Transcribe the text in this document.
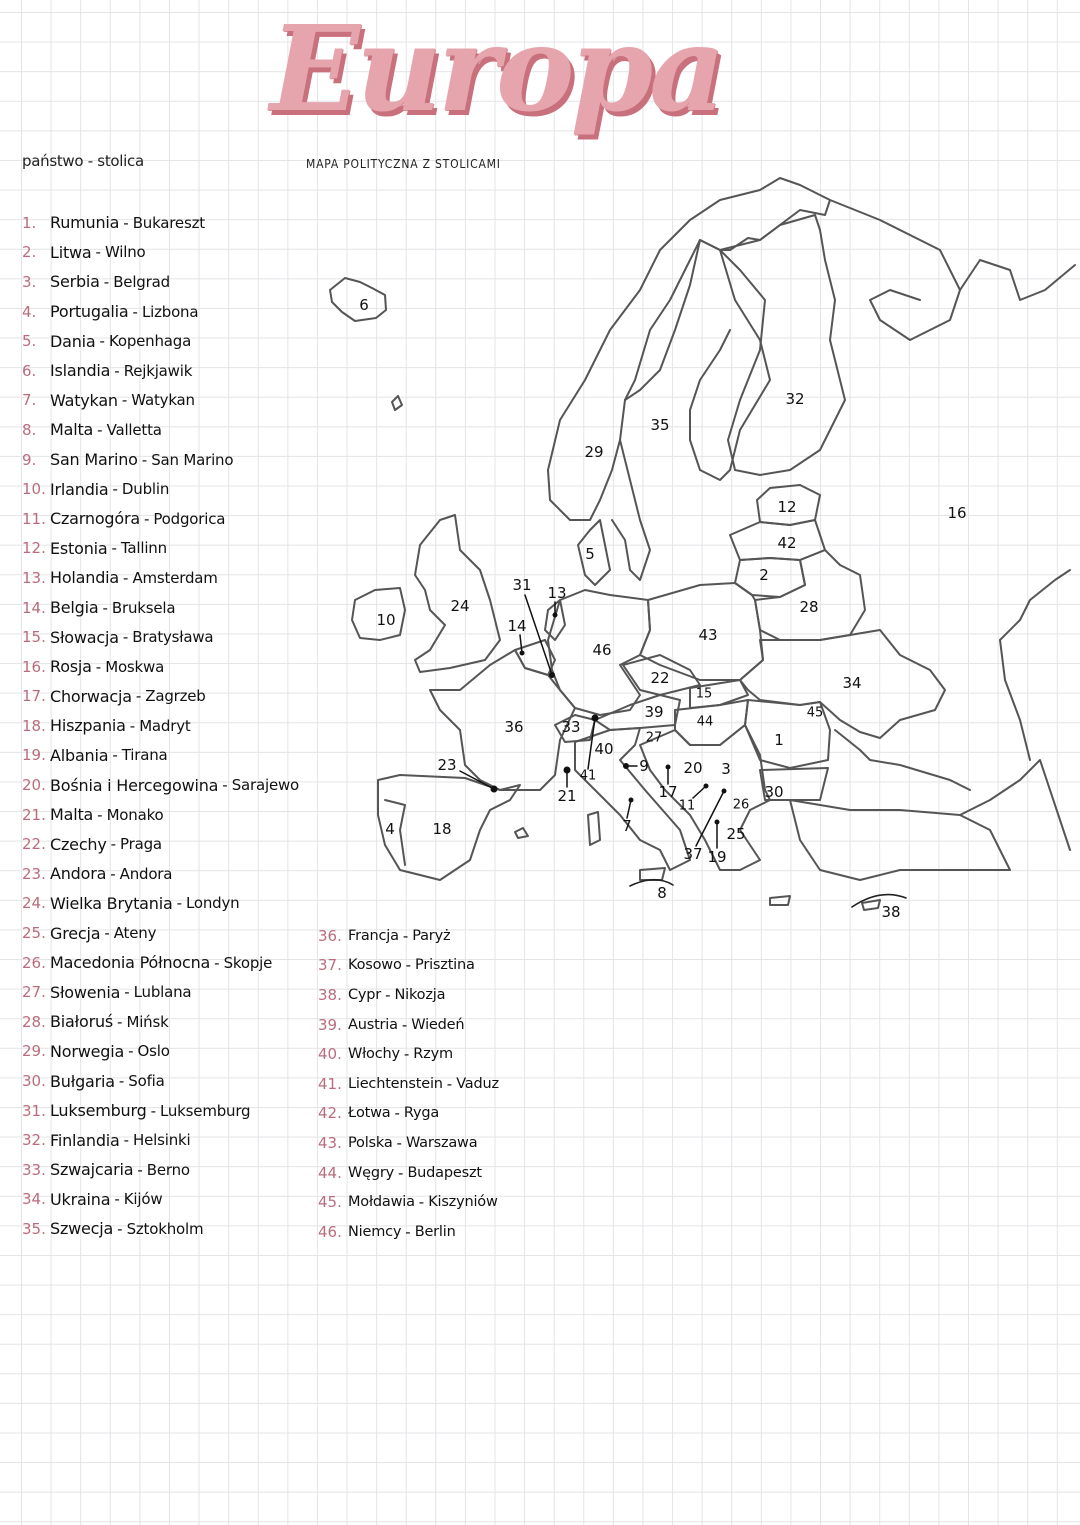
Europa
państwo - stolica	MAPA POLITYCZNA Z STOLICAMI
1. Rumunia - Bukareszt
2. Litwa - Wilno
3. Serbia - Belgrad
4. Portugalia - Lizbona
5. Dania - Kopenhaga
6. Islandia - Rejkjawik
7. Watykan - Watykan
8. Malta - Valletta
9. San Marino - San Marino
10. Irlandia - Dublin
11. Czarnogóra - Podgorica
12. Estonia - Tallinn
13. Holandia - Amsterdam
14. Belgia - Bruksela
15. Słowacja - Bratysława
16. Rosja - Moskwa
17. Chorwacja - Zagrzeb
18. Hiszpania - Madryt
19. Albania - Tirana
20. Bośnia i Hercegowina - Sarajewo
21. Malta - Monako
22. Czechy - Praga
23. Andora - Andora
24. Wielka Brytania - Londyn
25. Grecja - Ateny
26. Macedonia Północna - Skopje
27. Słowenia - Lublana
28. Białoruś - Mińsk
29. Norwegia - Oslo
30. Bułgaria - Sofia
31. Luksemburg - Luksemburg
32. Finlandia - Helsinki
33. Szwajcaria - Berno
34. Ukraina - Kijów
35. Szwecja - Sztokholm
36. Francja - Paryż
37. Kosowo - Prisztina
38. Cypr - Nikozja
39. Austria - Wiedeń
40. Włochy - Rzym
41. Liechtenstein - Vaduz
42. Łotwa - Ryga
43. Polska - Warszawa
44. Węgry - Budapeszt
45. Mołdawia - Kiszyniów
46. Niemcy - Berlin
6
29
35
32
16
12
42
2
28
5
31 13
14
10
24
46
43
34
22
15
39
44
45
1
36	33
40
27
23	9 20 3
41
17	30
21
11	26
4	18	7	25
37 19
8
38
